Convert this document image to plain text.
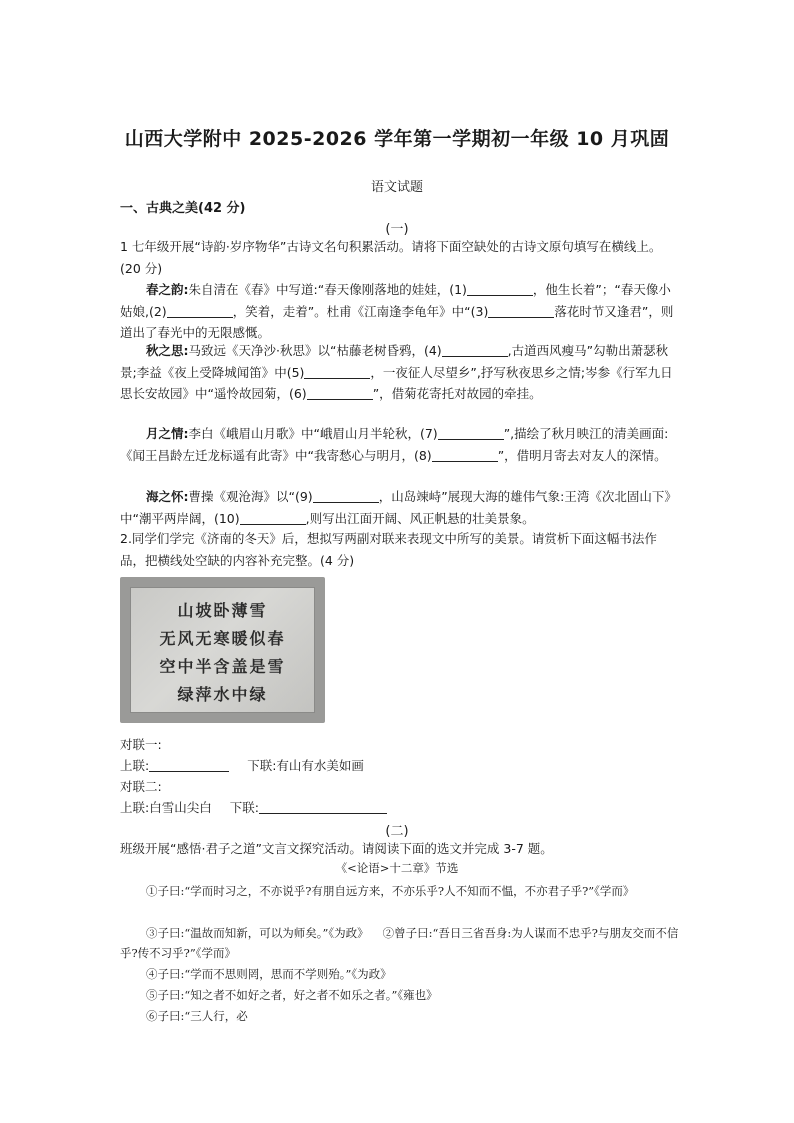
山西大学附中 2025-2026 学年第一学期初一年级 10 月巩固
语文试题
一、古典之美(42 分)
(一)
1 七年级开展“诗韵·岁序物华”古诗文名句积累活动。请将下面空缺处的古诗文原句填写在横线上。(20 分)
春之韵:朱自清在《春》中写道:“春天像刚落地的娃娃，(1)	，他生长着”；“春天像小姑娘,(2)	，笑着，走着”。杜甫《江南逢李龟年》中“(3)	落花时节又逢君”，则道出了春光中的无限感慨。
秋之思:马致远《天净沙·秋思》以“枯藤老树昏鸦，(4)	,古道西风瘦马”勾勒出萧瑟秋景;李益《夜上受降城闻笛》中(5)	，一夜征人尽望乡”,抒写秋夜思乡之情;岑参《行军九日思长安故园》中“遥怜故园菊，(6)	”，借菊花寄托对故园的牵挂。
月之情:李白《峨眉山月歌》中“峨眉山月半轮秋，(7)	”,描绘了秋月映江的清美画面:《闻王昌龄左迁龙标遥有此寄》中“我寄愁心与明月，(8)	”，借明月寄去对友人的深情。
海之怀:曹操《观沧海》以“(9)	，山岛竦峙”展现大海的雄伟气象:王湾《次北固山下》中“潮平两岸阔，(10)	,则写出江面开阔、风正帆悬的壮美景象。
2.同学们学完《济南的冬天》后，想拟写两副对联来表现文中所写的美景。请赏析下面这幅书法作品，把横线处空缺的内容补充完整。(4 分)
山坡卧薄雪
无风无寒暖似春
空中半含盖是雪
绿萍水中绿
对联一:
上联:	下联:有山有水美如画
对联二:
上联:白雪山尖白 下联:
(二)
班级开展“感悟·君子之道”文言文探究活动。请阅读下面的选文并完成 3-7 题。
《<论语>十二章》节选
①子曰:“学而时习之，不亦说乎?有朋自远方来，不亦乐乎?人不知而不愠，不亦君子乎?”《学而》
③子曰:“温故而知新，可以为师矣。”《为政》 ②曾子曰:“吾日三省吾身:为人谋而不忠乎?与朋友交而不信乎?传不习乎?”《学而》
④子曰:“学而不思则罔，思而不学则殆。”《为政》
⑤子曰:“知之者不如好之者，好之者不如乐之者。”《雍也》
⑥子曰:“三人行，必
